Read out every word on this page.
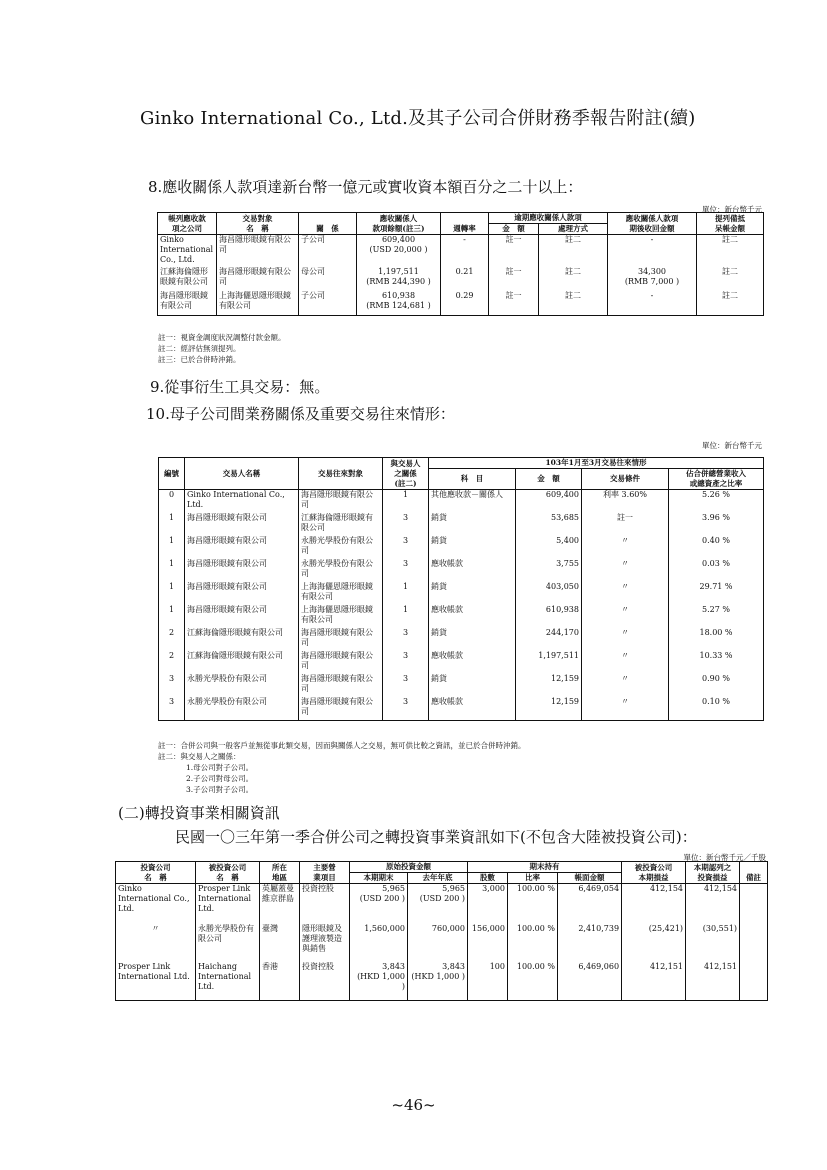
Ginko International Co., Ltd.及其子公司合併財務季報告附註(續)
8.應收關係人款項達新台幣一億元或實收資本額百分之二十以上：
單位：新台幣千元
帳列應收款
項之公司	交易對象
名　稱	關　係	應收關係人
款項餘額(註三)	週轉率	逾期應收關係人款項		應收關係人款項
期後收回金額	提列備抵
呆帳金額
					金　額	處理方式		
Ginko International Co., Ltd.	海昌隱形眼鏡有限公司	子公司	609,400
(USD 20,000 )	-	註一	註二	-	註二
江蘇海倫隱形眼鏡有限公司	海昌隱形眼鏡有限公司	母公司	1,197,511
(RMB 244,390 )	0.21	註一	註二	34,300
(RMB 7,000 )	註二
海昌隱形眼鏡有限公司	上海海儷恩隱形眼鏡有限公司	子公司	610,938
(RMB 124,681 )	0.29	註一	註二	-	註二
註一：視資金調度狀況調整付款金額。
註二：經評估無須提列。
註三：已於合併時沖銷。
9.從事衍生工具交易：無。
10.母子公司間業務關係及重要交易往來情形：
單位：新台幣千元
編號	交易人名稱	交易往來對象	與交易人
之關係
(註二)	103年1月至3月交易往來情形			
				科　目	金　額	交易條件	佔合併總營業收入
或總資產之比率
0	Ginko International Co., Ltd.	海昌隱形眼鏡有限公司	1	其他應收款－關係人	609,400	利率 3.60%	5.26 %
1	海昌隱形眼鏡有限公司	江蘇海倫隱形眼鏡有限公司	3	銷貨	53,685	註一	3.96 %
1	海昌隱形眼鏡有限公司	永勝光學股份有限公司	3	銷貨	5,400	〃	0.40 %
1	海昌隱形眼鏡有限公司	永勝光學股份有限公司	3	應收帳款	3,755	〃	0.03 %
1	海昌隱形眼鏡有限公司	上海海儷恩隱形眼鏡有限公司	1	銷貨	403,050	〃	29.71 %
1	海昌隱形眼鏡有限公司	上海海儷恩隱形眼鏡有限公司	1	應收帳款	610,938	〃	5.27 %
2	江蘇海倫隱形眼鏡有限公司	海昌隱形眼鏡有限公司	3	銷貨	244,170	〃	18.00 %
2	江蘇海倫隱形眼鏡有限公司	海昌隱形眼鏡有限公司	3	應收帳款	1,197,511	〃	10.33 %
3	永勝光學股份有限公司	海昌隱形眼鏡有限公司	3	銷貨	12,159	〃	0.90 %
3	永勝光學股份有限公司	海昌隱形眼鏡有限公司	3	應收帳款	12,159	〃	0.10 %
註一：合併公司與一般客戶並無從事此類交易，因而與關係人之交易，無可供比較之資訊，並已於合併時沖銷。
註二：與交易人之關係：
1.母公司對子公司。
2.子公司對母公司。
3.子公司對子公司。
(二)轉投資事業相關資訊
民國一〇三年第一季合併公司之轉投資事業資訊如下(不包含大陸被投資公司)：
單位：新台幣千元／千股
投資公司
名　稱	被投資公司
名　稱	所在
地區	主要營
業項目	原始投資金額		期末持有			被投資公司
本期損益	本期認列之
投資損益	備註
				本期期末	去年年底	股數	比率	帳面金額			
Ginko International Co., Ltd.	Prosper Link International Ltd.	英屬蓋曼維京群島	投資控股	5,965
(USD 200 )	5,965
(USD 200 )	3,000	100.00 %	6,469,054	412,154	412,154	
〃	永勝光學股份有限公司	臺灣	隱形眼鏡及護理液製造與銷售	1,560,000	760,000	156,000	100.00 %	2,410,739	(25,421)	(30,551)	
Prosper Link International Ltd.	Haichang International Ltd.	香港	投資控股	3,843
(HKD 1,000 )	3,843
(HKD 1,000 )	100	100.00 %	6,469,060	412,151	412,151	
~46~
